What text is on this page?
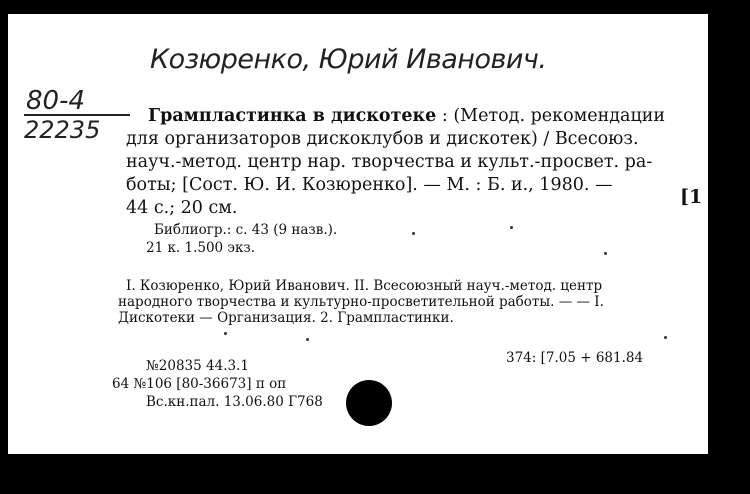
Козюренко, Юрий Иванович.
80-4
22235	Грампластинка в дискотеке : (Метод. рекомендации
для организаторов дискоклубов и дискотек) / Всесоюз.
науч.-метод. центр нар. творчества и культ.-просвет. ра-
боты; [Сост. Ю. И. Козюренко]. — М. : Б. и., 1980. —
[1
44 с.; 20 см.
Библиогр.: с. 43 (9 назв.).
21 к. 1.500 экз.
I. Козюренко, Юрий Иванович. II. Всесоюзный науч.-метод. центр
народного творчества и культурно-просветительной работы. — — I.
Дискотеки — Организация. 2. Грампластинки.
374: [7.05 + 681.84
№20835 44.3.1
64 №106 [80-36673] п оп
Вс.кн.пал. 13.06.80 Г768
